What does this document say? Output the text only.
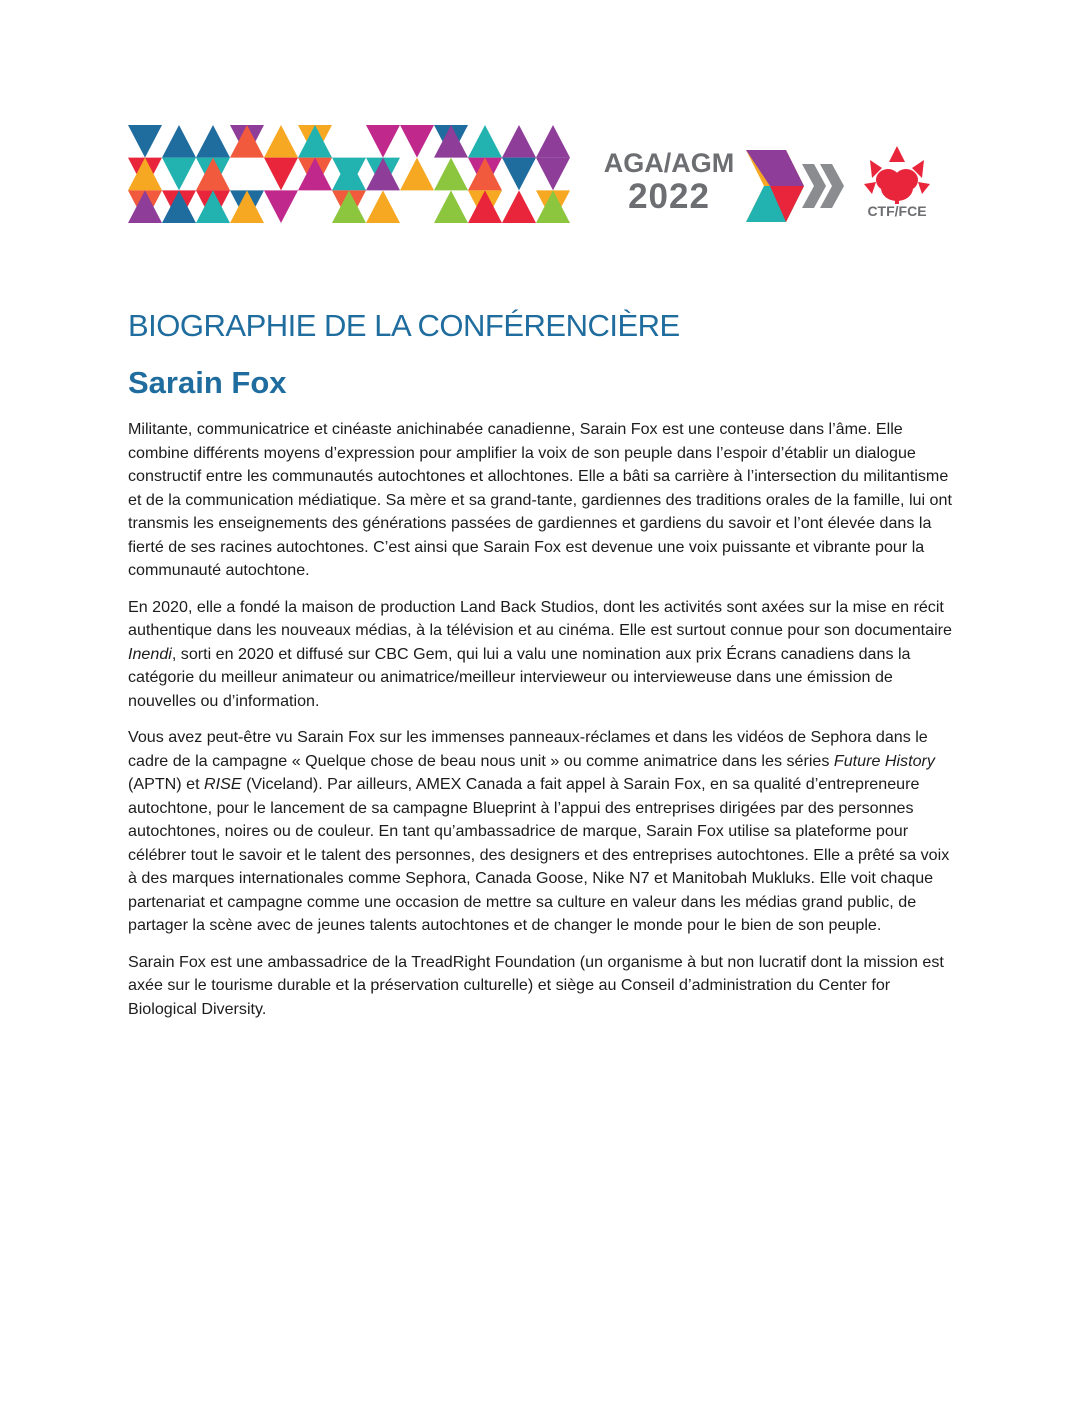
AGA/AGM
2022	CTF/FCE
BIOGRAPHIE DE LA CONFÉRENCIÈRE
Sarain Fox

Militante, communicatrice et cinéaste anichinabée canadienne, Sarain Fox est une conteuse dans l’âme. Elle combine différents moyens d’expression pour amplifier la voix de son peuple dans l’espoir d’établir un dialogue constructif entre les communautés autochtones et allochtones. Elle a bâti sa carrière à l’intersection du militantisme et de la communication médiatique. Sa mère et sa grand-tante, gardiennes des traditions orales de la famille, lui ont transmis les enseignements des générations passées de gardiennes et gardiens du savoir et l’ont élevée dans la fierté de ses racines autochtones. C’est ainsi que Sarain Fox est devenue une voix puissante et vibrante pour la communauté autochtone.

En 2020, elle a fondé la maison de production Land Back Studios, dont les activités sont axées sur la mise en récit authentique dans les nouveaux médias, à la télévision et au cinéma. Elle est surtout connue pour son documentaire Inendi, sorti en 2020 et diffusé sur CBC Gem, qui lui a valu une nomination aux prix Écrans canadiens dans la catégorie du meilleur animateur ou animatrice/meilleur intervieweur ou intervieweuse dans une émission de nouvelles ou d’information.

Vous avez peut-être vu Sarain Fox sur les immenses panneaux-réclames et dans les vidéos de Sephora dans le cadre de la campagne « Quelque chose de beau nous unit » ou comme animatrice dans les séries Future History (APTN) et RISE (Viceland). Par ailleurs, AMEX Canada a fait appel à Sarain Fox, en sa qualité d’entrepreneure autochtone, pour le lancement de sa campagne Blueprint à l’appui des entreprises dirigées par des personnes autochtones, noires ou de couleur. En tant qu’ambassadrice de marque, Sarain Fox utilise sa plateforme pour célébrer tout le savoir et le talent des personnes, des designers et des entreprises autochtones. Elle a prêté sa voix à des marques internationales comme Sephora, Canada Goose, Nike N7 et Manitobah Mukluks. Elle voit chaque partenariat et campagne comme une occasion de mettre sa culture en valeur dans les médias grand public, de partager la scène avec de jeunes talents autochtones et de changer le monde pour le bien de son peuple.

Sarain Fox est une ambassadrice de la TreadRight Foundation (un organisme à but non lucratif dont la mission est axée sur le tourisme durable et la préservation culturelle) et siège au Conseil d’administration du Center for Biological Diversity.
